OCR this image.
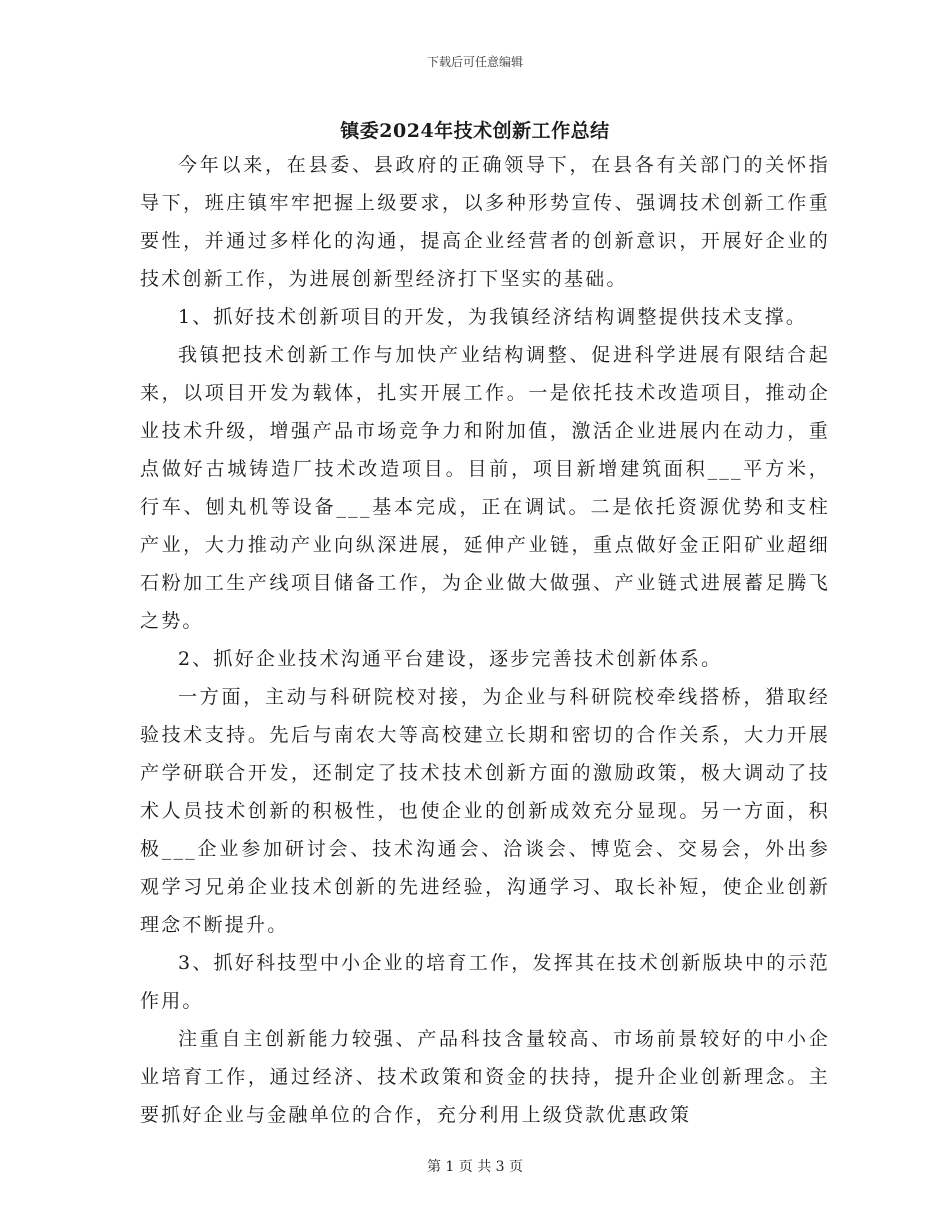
下载后可任意编辑
镇委2024年技术创新工作总结

今年以来，在县委、县政府的正确领导下，在县各有关部门的关怀指导下，班庄镇牢牢把握上级要求，以多种形势宣传、强调技术创新工作重要性，并通过多样化的沟通，提高企业经营者的创新意识，开展好企业的技术创新工作，为进展创新型经济打下坚实的基础。

1、抓好技术创新项目的开发，为我镇经济结构调整提供技术支撑。

我镇把技术创新工作与加快产业结构调整、促进科学进展有限结合起来，以项目开发为载体，扎实开展工作。一是依托技术改造项目，推动企业技术升级，增强产品市场竞争力和附加值，激活企业进展内在动力，重点做好古城铸造厂技术改造项目。目前，项目新增建筑面积___平方米，行车、刨丸机等设备___基本完成，正在调试。二是依托资源优势和支柱产业，大力推动产业向纵深进展，延伸产业链，重点做好金正阳矿业超细石粉加工生产线项目储备工作，为企业做大做强、产业链式进展蓄足腾飞之势。

2、抓好企业技术沟通平台建设，逐步完善技术创新体系。

一方面，主动与科研院校对接，为企业与科研院校牵线搭桥，猎取经验技术支持。先后与南农大等高校建立长期和密切的合作关系，大力开展产学研联合开发，还制定了技术技术创新方面的激励政策，极大调动了技术人员技术创新的积极性，也使企业的创新成效充分显现。另一方面，积极___企业参加研讨会、技术沟通会、洽谈会、博览会、交易会，外出参观学习兄弟企业技术创新的先进经验，沟通学习、取长补短，使企业创新理念不断提升。

3、抓好科技型中小企业的培育工作，发挥其在技术创新版块中的示范作用。

注重自主创新能力较强、产品科技含量较高、市场前景较好的中小企业培育工作，通过经济、技术政策和资金的扶持，提升企业创新理念。主要抓好企业与金融单位的合作，充分利用上级贷款优惠政策

第 1 页 共 3 页
